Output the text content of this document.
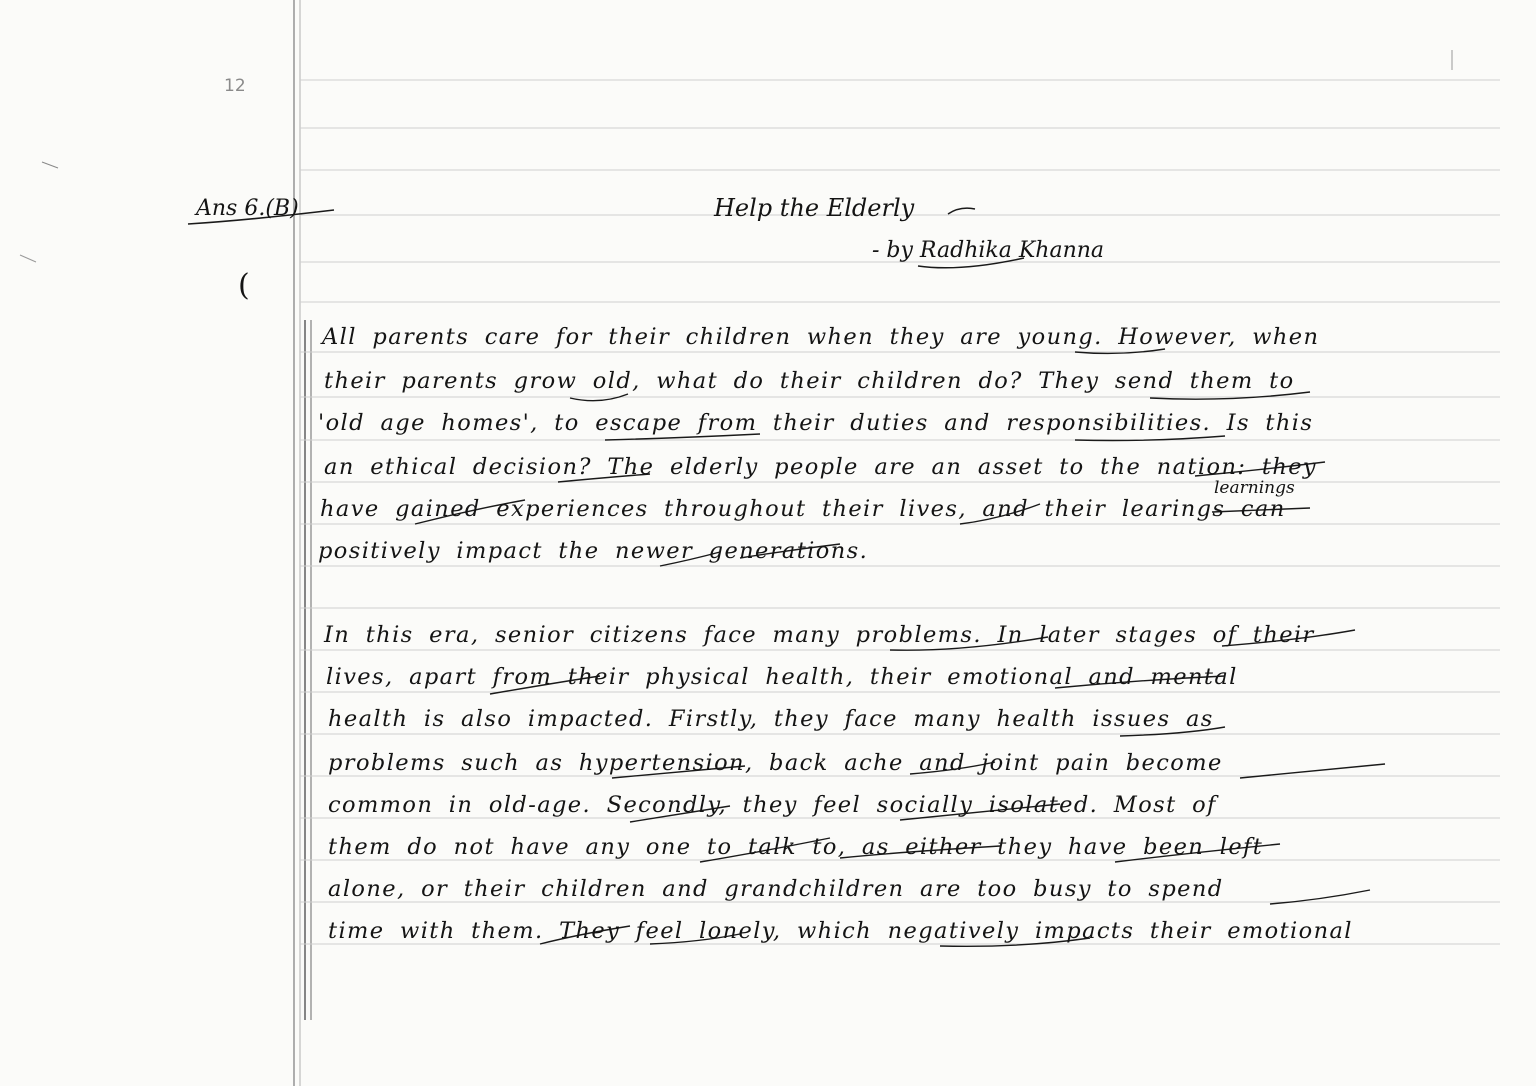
12
Ans 6.(B)	Help the Elderly
- by Radhika Khanna
(
learnings
All parents care for their children when they are young. However, when
their parents grow old, what do their children do? They send them to
'old age homes', to escape from their duties and responsibilities. Is this
an ethical decision? The elderly people are an asset to the nation: they
have gained experiences throughout their lives, and their learings can
positively impact the newer generations.
In this era, senior citizens face many problems. In later stages of their
lives, apart from their physical health, their emotional and mental
health is also impacted. Firstly, they face many health issues as
problems such as hypertension, back ache and joint pain become
common in old-age. Secondly, they feel socially isolated. Most of
them do not have any one to talk to, as either they have been left
alone, or their children and grandchildren are too busy to spend
time with them. They feel lonely, which negatively impacts their emotional
